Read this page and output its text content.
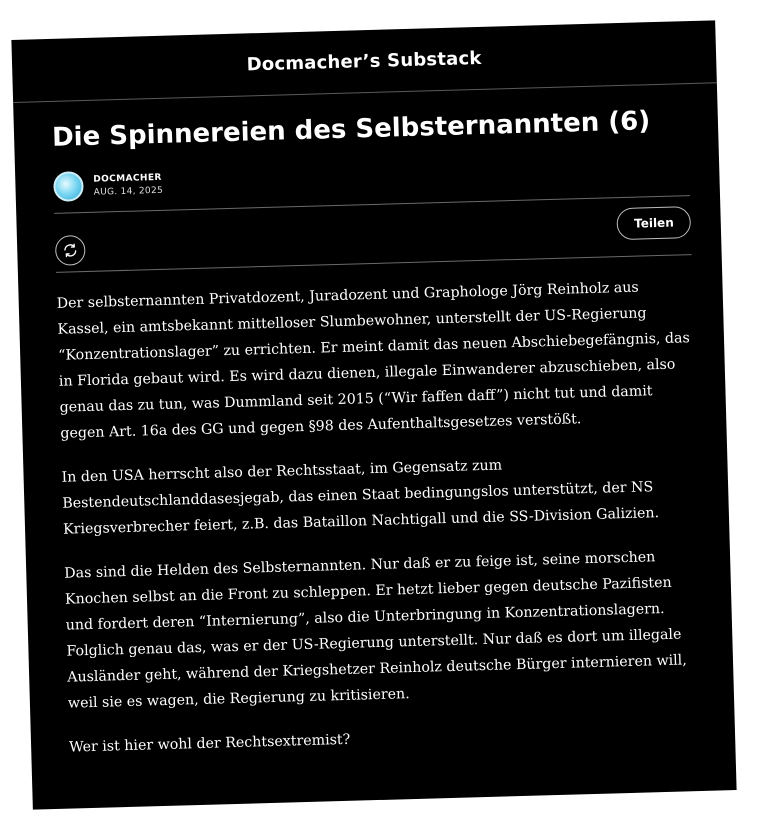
Docmacher’s Substack
Die Spinnereien des Selbsternannten (6)
DOCMACHER
AUG. 14, 2025
Teilen

Der selbsternannten Privatdozent, Juradozent und Graphologe Jörg Reinholz aus Kassel, ein amtsbekannt mittelloser Slumbewohner, unterstellt der US-Regierung “Konzentrationslager” zu errichten. Er meint damit das neuen Abschiebegefängnis, das in Florida gebaut wird. Es wird dazu dienen, illegale Einwanderer abzuschieben, also genau das zu tun, was Dummland seit 2015 (“Wir faffen daff”) nicht tut und damit gegen Art. 16a des GG und gegen §98 des Aufenthaltsgesetzes verstößt.

In den USA herrscht also der Rechtsstaat, im Gegensatz zum Bestendeutschlanddasesjegab, das einen Staat bedingungslos unterstützt, der NS Kriegsverbrecher feiert, z.B. das Bataillon Nachtigall und die SS-Division Galizien.

Das sind die Helden des Selbsternannten. Nur daß er zu feige ist, seine morschen Knochen selbst an die Front zu schleppen. Er hetzt lieber gegen deutsche Pazifisten und fordert deren “Internierung”, also die Unterbringung in Konzentrationslagern. Folglich genau das, was er der US-Regierung unterstellt. Nur daß es dort um illegale Ausländer geht, während der Kriegshetzer Reinholz deutsche Bürger internieren will, weil sie es wagen, die Regierung zu kritisieren.

Wer ist hier wohl der Rechtsextremist?
